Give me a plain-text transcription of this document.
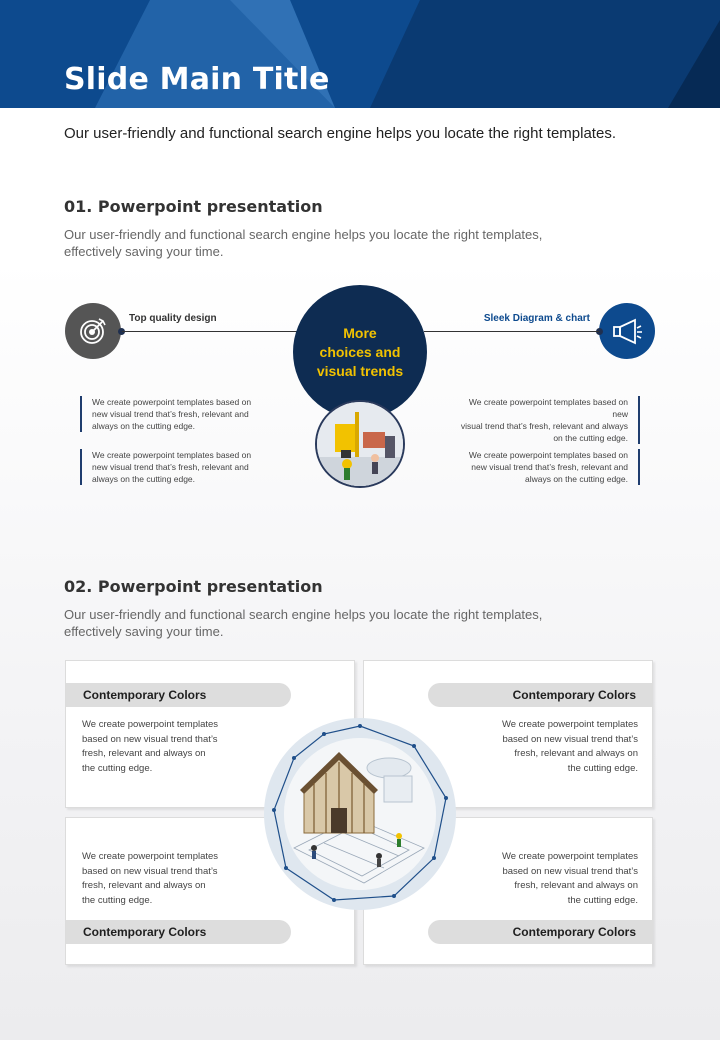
Slide Main Title
Our user-friendly and functional search engine helps you locate the right templates.
01. Powerpoint presentation
Our user-friendly and functional search engine helps you locate the right templates,
effectively saving your time.
Top quality design	Sleek Diagram & chart
More
choices and
visual trends
We create powerpoint templates based on
new visual trend that’s fresh, relevant and
always on the cutting edge.
We create powerpoint templates based on
new visual trend that’s fresh, relevant and
always on the cutting edge.
We create powerpoint templates based on new
visual trend that’s fresh, relevant and always
on the cutting edge.
We create powerpoint templates based on
new visual trend that’s fresh, relevant and
always on the cutting edge.
02. Powerpoint presentation
Our user-friendly and functional search engine helps you locate the right templates,
effectively saving your time.
Contemporary Colors
We create powerpoint templates
based on new visual trend that’s
fresh, relevant and always on
the cutting edge.
Contemporary Colors
We create powerpoint templates
based on new visual trend that’s
fresh, relevant and always on
the cutting edge.
We create powerpoint templates
based on new visual trend that’s
fresh, relevant and always on
the cutting edge.
Contemporary Colors
We create powerpoint templates
based on new visual trend that’s
fresh, relevant and always on
the cutting edge.
Contemporary Colors
